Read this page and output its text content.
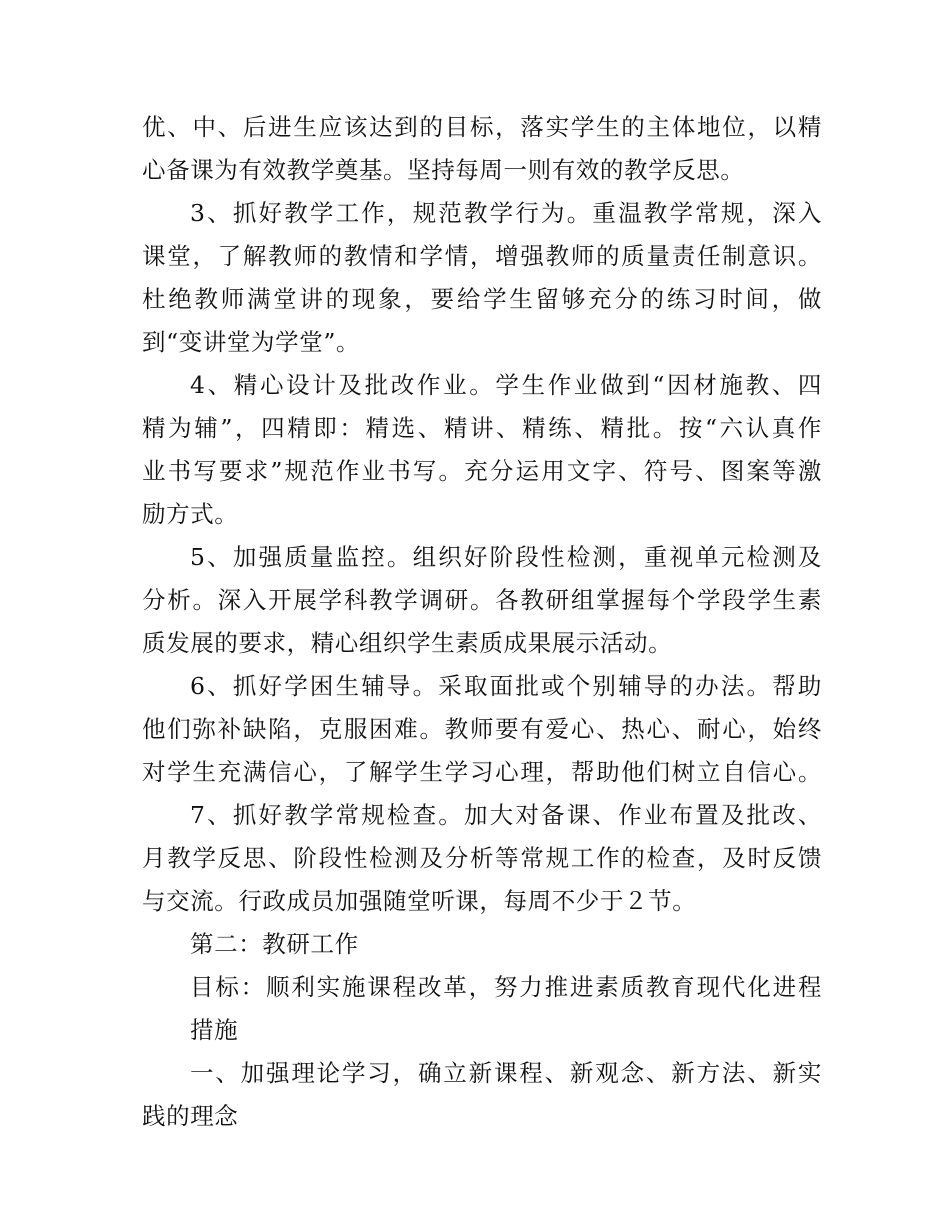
优、中、后进生应该达到的目标，落实学生的主体地位，以精
心备课为有效教学奠基。坚持每周一则有效的教学反思。
3、抓好教学工作，规范教学行为。重温教学常规，深入
课堂，了解教师的教情和学情，增强教师的质量责任制意识。
杜绝教师满堂讲的现象，要给学生留够充分的练习时间，做
到“变讲堂为学堂”。
4、精心设计及批改作业。学生作业做到“因材施教、四
精为辅”，四精即：精选、精讲、精练、精批。按“六认真作
业书写要求”规范作业书写。充分运用文字、符号、图案等激
励方式。
5、加强质量监控。组织好阶段性检测，重视单元检测及
分析。深入开展学科教学调研。各教研组掌握每个学段学生素
质发展的要求，精心组织学生素质成果展示活动。
6、抓好学困生辅导。采取面批或个别辅导的办法。帮助
他们弥补缺陷，克服困难。教师要有爱心、热心、耐心，始终
对学生充满信心，了解学生学习心理，帮助他们树立自信心。
7、抓好教学常规检查。加大对备课、作业布置及批改、
月教学反思、阶段性检测及分析等常规工作的检查，及时反馈
与交流。行政成员加强随堂听课，每周不少于２节。
第二：教研工作
目标：顺利实施课程改革，努力推进素质教育现代化进程
措施
一、加强理论学习，确立新课程、新观念、新方法、新实
践的理念
